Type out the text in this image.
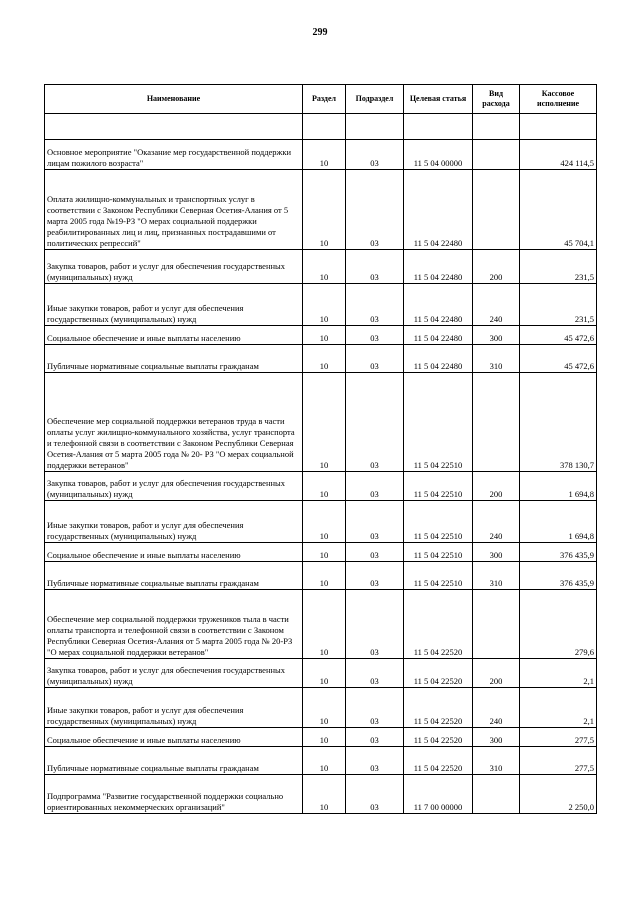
299
Наименование	Раздел	Подраздел	Целевая статья	Вид расхода	Кассовое исполнение

Основное мероприятие "Оказание мер государственной поддержки лицам пожилого возраста"	10	03	11 5 04 00000		424 114,5
Оплата жилищно-коммунальных и транспортных услуг в соответствии с Законом Республики Северная Осетия-Алания от 5 марта 2005 года №19-РЗ "О мерах социальной поддержки реабилитированных лиц и лиц, признанных пострадавшими от политических репрессий"	10	03	11 5 04 22480		45 704,1
Закупка товаров, работ и услуг для обеспечения государственных (муниципальных) нужд	10	03	11 5 04 22480	200	231,5
Иные закупки товаров, работ и услуг для обеспечения государственных (муниципальных) нужд	10	03	11 5 04 22480	240	231,5
Социальное обеспечение и иные выплаты населению	10	03	11 5 04 22480	300	45 472,6
Публичные нормативные социальные выплаты гражданам	10	03	11 5 04 22480	310	45 472,6
Обеспечение мер социальной поддержки ветеранов труда в части оплаты услуг жилищно-коммунального хозяйства, услуг транспорта и телефонной связи в соответствии с Законом Республики Северная Осетия-Алания от 5 марта 2005 года № 20- РЗ "О мерах социальной поддержки ветеранов"	10	03	11 5 04 22510		378 130,7
Закупка товаров, работ и услуг для обеспечения государственных (муниципальных) нужд	10	03	11 5 04 22510	200	1 694,8
Иные закупки товаров, работ и услуг для обеспечения государственных (муниципальных) нужд	10	03	11 5 04 22510	240	1 694,8
Социальное обеспечение и иные выплаты населению	10	03	11 5 04 22510	300	376 435,9
Публичные нормативные социальные выплаты гражданам	10	03	11 5 04 22510	310	376 435,9
Обеспечение мер социальной поддержки тружеников тыла в части оплаты транспорта и телефонной связи в соответствии с Законом Республики Северная Осетия-Алания от 5 марта 2005 года № 20-РЗ "О мерах социальной поддержки ветеранов"	10	03	11 5 04 22520		279,6
Закупка товаров, работ и услуг для обеспечения государственных (муниципальных) нужд	10	03	11 5 04 22520	200	2,1
Иные закупки товаров, работ и услуг для обеспечения государственных (муниципальных) нужд	10	03	11 5 04 22520	240	2,1
Социальное обеспечение и иные выплаты населению	10	03	11 5 04 22520	300	277,5
Публичные нормативные социальные выплаты гражданам	10	03	11 5 04 22520	310	277,5
Подпрограмма "Развитие государственной поддержки социально ориентированных некоммерческих организаций"	10	03	11 7 00 00000		2 250,0
